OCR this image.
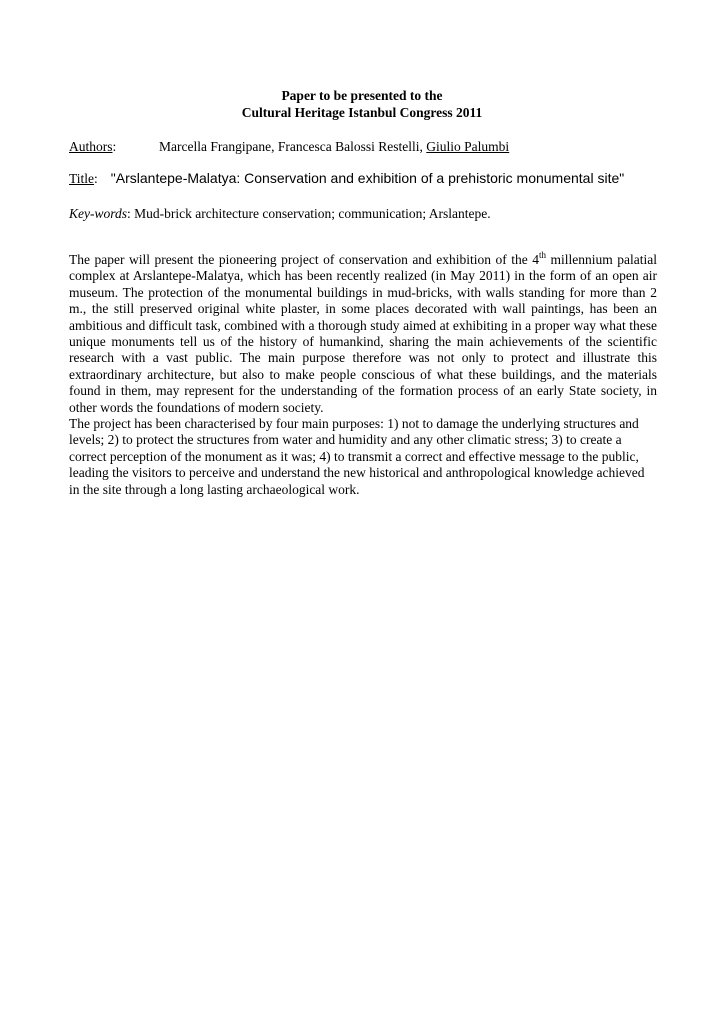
Paper to be presented to the
Cultural Heritage Istanbul Congress 2011
Authors:	Marcella Frangipane, Francesca Balossi Restelli, Giulio Palumbi
Title: "Arslantepe-Malatya: Conservation and exhibition of a prehistoric monumental site"
Key-words: Mud-brick architecture conservation; communication; Arslantepe.

The paper will present the pioneering project of conservation and exhibition of the 4th millennium palatial complex at Arslantepe-Malatya, which has been recently realized (in May 2011) in the form of an open air museum. The protection of the monumental buildings in mud-bricks, with walls standing for more than 2 m., the still preserved original white plaster, in some places decorated with wall paintings, has been an ambitious and difficult task, combined with a thorough study aimed at exhibiting in a proper way what these unique monuments tell us of the history of humankind, sharing the main achievements of the scientific research with a vast public. The main purpose therefore was not only to protect and illustrate this extraordinary architecture, but also to make people conscious of what these buildings, and the materials found in them, may represent for the understanding of the formation process of an early State society, in other words the foundations of modern society.

The project has been characterised by four main purposes: 1) not to damage the underlying structures and levels; 2) to protect the structures from water and humidity and any other climatic stress; 3) to create a correct perception of the monument as it was; 4) to transmit a correct and effective message to the public, leading the visitors to perceive and understand the new historical and anthropological knowledge achieved in the site through a long lasting archaeological work.
